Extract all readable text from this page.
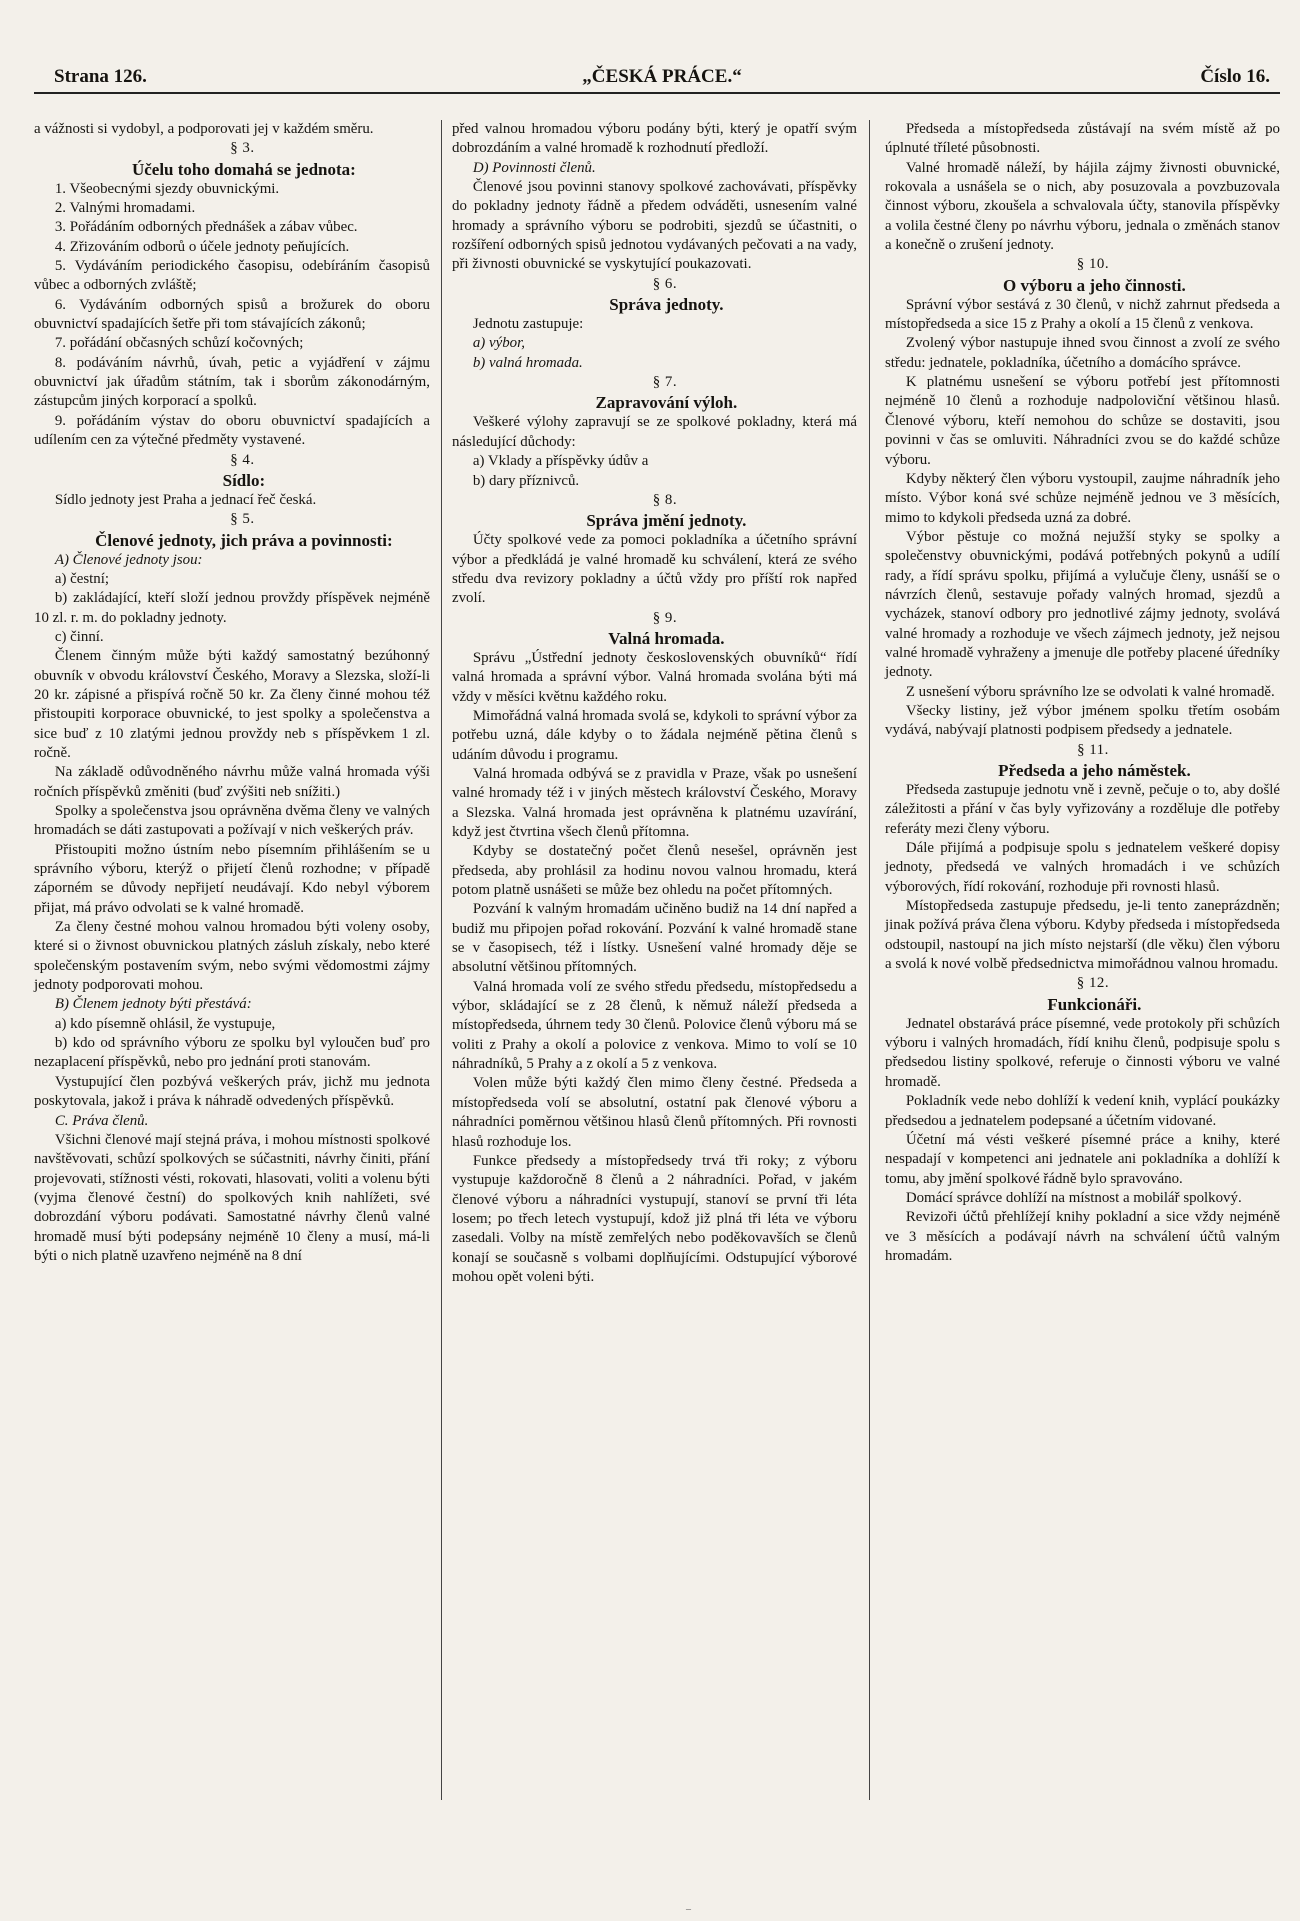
Strana 126.	„ČESKÁ PRÁCE.“	Číslo 16.

a vážnosti si vydobyl, a podporovati jej v každém směru.

§ 3.

Účelu toho domahá se jednota:

1. Všeobecnými sjezdy obuvnickými.

2. Valnými hromadami.

3. Pořádáním odborných přednášek a zábav vůbec.

4. Zřizováním odborů o účele jednoty peňujících.

5. Vydáváním periodického časopisu, odebíráním časopisů vůbec a odborných zvláště;

6. Vydáváním odborných spisů a brožurek do oboru obuvnictví spadajících šetře při tom stávajících zákonů;

7. pořádání občasných schůzí kočovných;

8. podáváním návrhů, úvah, petic a vyjádření v zájmu obuvnictví jak úřadům státním, tak i sborům zákonodárným, zástupcům jiných korporací a spolků.

9. pořádáním výstav do oboru obuvnictví spadajících a udílením cen za výtečné předměty vystavené.

§ 4.

Sídlo:

Sídlo jednoty jest Praha a jednací řeč česká.

§ 5.

Členové jednoty, jich práva a povinnosti:

A) Členové jednoty jsou:

a) čestní;

b) zakládající, kteří složí jednou provždy příspěvek nejméně 10 zl. r. m. do pokladny jednoty.

c) činní.

Členem činným může býti každý samostatný bezúhonný obuvník v obvodu království Českého, Moravy a Slezska, složí-li 20 kr. zápisné a přispívá ročně 50 kr. Za členy činné mohou též přistoupiti korporace obuvnické, to jest spolky a společenstva a sice buď z 10 zlatými jednou provždy neb s příspěvkem 1 zl. ročně.

Na základě odůvodněného návrhu může valná hromada výši ročních příspěvků změniti (buď zvýšiti neb snížiti.)

Spolky a společenstva jsou oprávněna dvěma členy ve valných hromadách se dáti zastupovati a požívají v nich veškerých práv.

Přistoupiti možno ústním nebo písemním přihlášením se u správního výboru, kterýž o přijetí členů rozhodne; v případě záporném se důvody nepřijetí neudávají. Kdo nebyl výborem přijat, má právo odvolati se k valné hromadě.

Za členy čestné mohou valnou hromadou býti voleny osoby, které si o živnost obuvnickou platných zásluh získaly, nebo které společenským postavením svým, nebo svými vědomostmi zájmy jednoty podporovati mohou.

B) Členem jednoty býti přestává:

a) kdo písemně ohlásil, že vystupuje,

b) kdo od správního výboru ze spolku byl vyloučen buď pro nezaplacení příspěvků, nebo pro jednání proti stanovám.

Vystupující člen pozbývá veškerých práv, jichž mu jednota poskytovala, jakož i práva k náhradě odvedených příspěvků.

C. Práva členů.

Všichni členové mají stejná práva, i mohou místnosti spolkové navštěvovati, schůzí spolkových se súčastniti, návrhy činiti, přání projevovati, stížnosti vésti, rokovati, hlasovati, voliti a volenu býti (vyjma členové čestní) do spolkových knih nahlížeti, své dobrozdání výboru podávati. Samostatné návrhy členů valné hromadě musí býti podepsány nejméně 10 členy a musí, má-li býti o nich platně uzavřeno nejméně na 8 dní

před valnou hromadou výboru podány býti, který je opatří svým dobrozdáním a valné hromadě k rozhodnutí předloží.

D) Povinnosti členů.

Členové jsou povinni stanovy spolkové zachovávati, příspěvky do pokladny jednoty řádně a předem odváděti, usnesením valné hromady a správního výboru se podrobiti, sjezdů se účastniti, o rozšíření odborných spisů jednotou vydávaných pečovati a na vady, při živnosti obuvnické se vyskytující poukazovati.

§ 6.

Správa jednoty.

Jednotu zastupuje:

a) výbor,

b) valná hromada.

§ 7.

Zapravování výloh.

Veškeré výlohy zapravují se ze spolkové pokladny, která má následující důchody:

a) Vklady a příspěvky údův a

b) dary příznivců.

§ 8.

Správa jmění jednoty.

Účty spolkové vede za pomoci pokladníka a účetního správní výbor a předkládá je valné hromadě ku schválení, která ze svého středu dva revizory pokladny a účtů vždy pro příští rok napřed zvolí.

§ 9.

Valná hromada.

Správu „Ústřední jednoty československých obuvníků“ řídí valná hromada a správní výbor. Valná hromada svolána býti má vždy v měsíci květnu každého roku.

Mimořádná valná hromada svolá se, kdykoli to správní výbor za potřebu uzná, dále kdyby o to žádala nejméně pětina členů s udáním důvodu i programu.

Valná hromada odbývá se z pravidla v Praze, však po usnešení valné hromady též i v jiných městech království Českého, Moravy a Slezska. Valná hromada jest oprávněna k platnému uzavírání, když jest čtvrtina všech členů přítomna.

Kdyby se dostatečný počet členů nesešel, oprávněn jest předseda, aby prohlásil za hodinu novou valnou hromadu, která potom platně usnášeti se může bez ohledu na počet přítomných.

Pozvání k valným hromadám učiněno budiž na 14 dní napřed a budiž mu připojen pořad rokování. Pozvání k valné hromadě stane se v časopisech, též i lístky. Usnešení valné hromady děje se absolutní většinou přítomných.

Valná hromada volí ze svého středu předsedu, místopředsedu a výbor, skládající se z 28 členů, k němuž náleží předseda a místopředseda, úhrnem tedy 30 členů. Polovice členů výboru má se voliti z Prahy a okolí a polovice z venkova. Mimo to volí se 10 náhradníků, 5 Prahy a z okolí a 5 z venkova.

Volen může býti každý člen mimo členy čestné. Předseda a místopředseda volí se absolutní, ostatní pak členové výboru a náhradníci poměrnou většinou hlasů členů přítomných. Při rovnosti hlasů rozhoduje los.

Funkce předsedy a místopředsedy trvá tři roky; z výboru vystupuje každoročně 8 členů a 2 náhradníci. Pořad, v jakém členové výboru a náhradníci vystupují, stanoví se první tři léta losem; po třech letech vystupují, kdož již plná tři léta ve výboru zasedali. Volby na místě zemřelých nebo poděkovavších se členů konají se současně s volbami doplňujícími. Odstupující výborové mohou opět voleni býti.

Předseda a místopředseda zůstávají na svém místě až po úplnuté tříleté působnosti.

Valné hromadě náleží, by hájila zájmy živnosti obuvnické, rokovala a usnášela se o nich, aby posuzovala a povzbuzovala činnost výboru, zkoušela a schvalovala účty, stanovila příspěvky a volila čestné členy po návrhu výboru, jednala o změnách stanov a konečně o zrušení jednoty.

§ 10.

O výboru a jeho činnosti.

Správní výbor sestává z 30 členů, v nichž zahrnut předseda a místopředseda a sice 15 z Prahy a okolí a 15 členů z venkova.

Zvolený výbor nastupuje ihned svou činnost a zvolí ze svého středu: jednatele, pokladníka, účetního a domácího správce.

K platnému usnešení se výboru potřebí jest přítomnosti nejméně 10 členů a rozhoduje nadpoloviční většinou hlasů. Členové výboru, kteří nemohou do schůze se dostaviti, jsou povinni v čas se omluviti. Náhradníci zvou se do každé schůze výboru.

Kdyby některý člen výboru vystoupil, zaujme náhradník jeho místo. Výbor koná své schůze nejméně jednou ve 3 měsících, mimo to kdykoli předseda uzná za dobré.

Výbor pěstuje co možná nejužší styky se spolky a společenstvy obuvnickými, podává potřebných pokynů a udílí rady, a řídí správu spolku, přijímá a vylučuje členy, usnáší se o návrzích členů, sestavuje pořady valných hromad, sjezdů a vycházek, stanoví odbory pro jednotlivé zájmy jednoty, svolává valné hromady a rozhoduje ve všech zájmech jednoty, jež nejsou valné hromadě vyhraženy a jmenuje dle potřeby placené úředníky jednoty.

Z usnešení výboru správního lze se odvolati k valné hromadě.

Všecky listiny, jež výbor jménem spolku třetím osobám vydává, nabývají platnosti podpisem předsedy a jednatele.

§ 11.

Předseda a jeho náměstek.

Předseda zastupuje jednotu vně i zevně, pečuje o to, aby došlé záležitosti a přání v čas byly vyřizovány a rozděluje dle potřeby referáty mezi členy výboru.

Dále přijímá a podpisuje spolu s jednatelem veškeré dopisy jednoty, předsedá ve valných hromadách i ve schůzích výborových, řídí rokování, rozhoduje při rovnosti hlasů.

Místopředseda zastupuje předsedu, je-li tento zaneprázdněn; jinak požívá práva člena výboru. Kdyby předseda i místopředseda odstoupil, nastoupí na jich místo nejstarší (dle věku) člen výboru a svolá k nové volbě předsednictva mimořádnou valnou hromadu.

§ 12.

Funkcionáři.

Jednatel obstarává práce písemné, vede protokoly při schůzích výboru i valných hromadách, řídí knihu členů, podpisuje spolu s předsedou listiny spolkové, referuje o činnosti výboru ve valné hromadě.

Pokladník vede nebo dohlíží k vedení knih, vyplácí poukázky předsedou a jednatelem podepsané a účetním vidované.

Účetní má vésti veškeré písemné práce a knihy, které nespadají v kompetenci ani jednatele ani pokladníka a dohlíží k tomu, aby jmění spolkové řádně bylo spravováno.

Domácí správce dohlíží na místnost a mobilář spolkový.

Revizoři účtů přehlížejí knihy pokladní a sice vždy nejméně ve 3 měsících a podávají návrh na schválení účtů valným hromadám.

–
